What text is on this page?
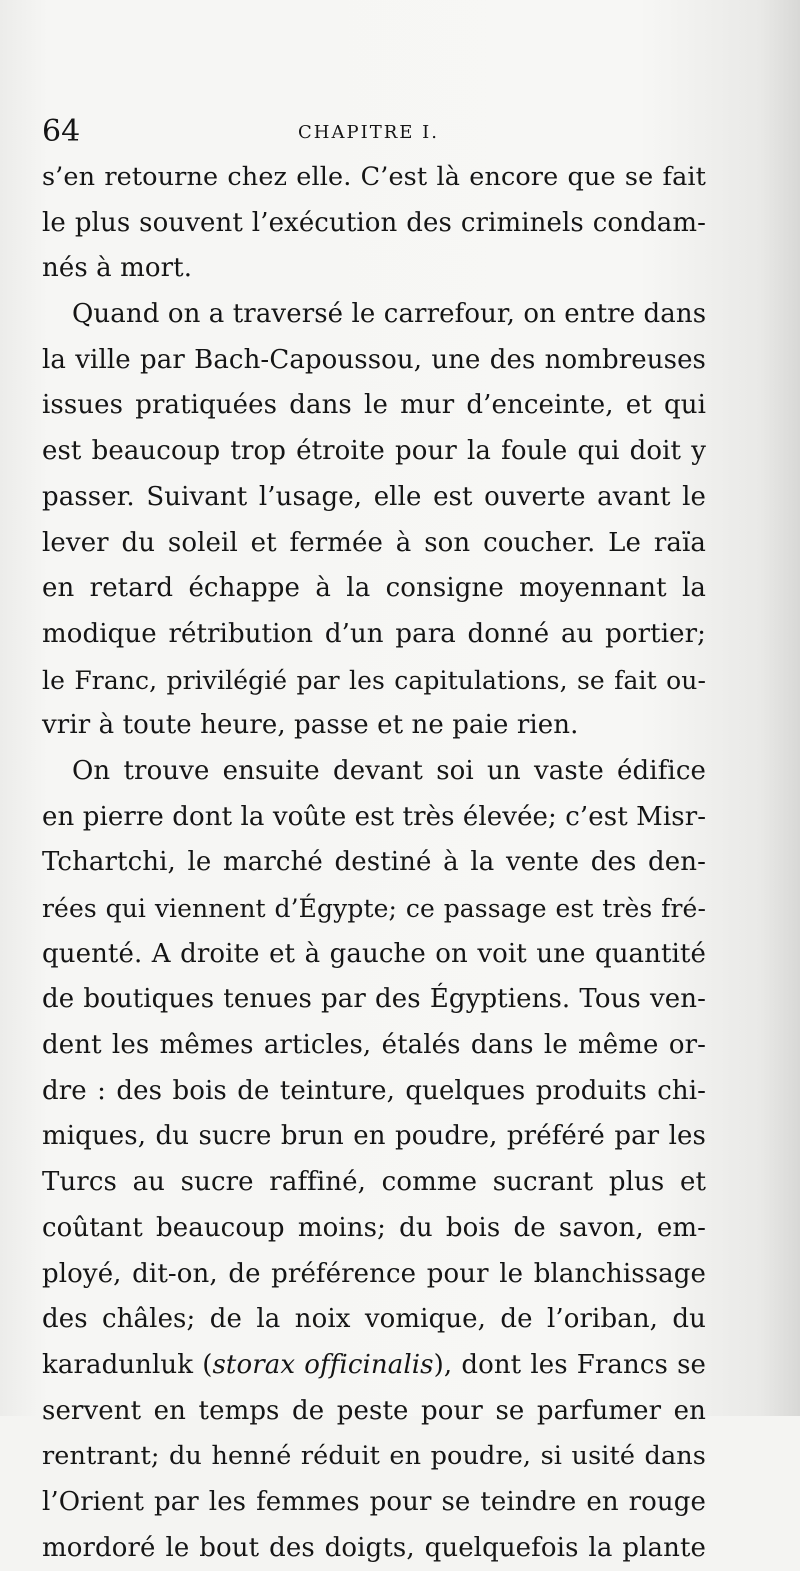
64	CHAPITRE I.
s’en retourne chez elle. C’est là encore que se fait
le plus souvent l’exécution des criminels condam-
nés à mort.
Quand on a traversé le carrefour, on entre dans
la ville par Bach-Capoussou, une des nombreuses
issues pratiquées dans le mur d’enceinte, et qui
est beaucoup trop étroite pour la foule qui doit y
passer. Suivant l’usage, elle est ouverte avant le
lever du soleil et fermée à son coucher. Le raïa
en retard échappe à la consigne moyennant la
modique rétribution d’un para donné au portier;
le Franc, privilégié par les capitulations, se fait ou-
vrir à toute heure, passe et ne paie rien.
On trouve ensuite devant soi un vaste édifice
en pierre dont la voûte est très élevée; c’est Misr-
Tchartchi, le marché destiné à la vente des den-
rées qui viennent d’Égypte; ce passage est très fré-
quenté. A droite et à gauche on voit une quantité
de boutiques tenues par des Égyptiens. Tous ven-
dent les mêmes articles, étalés dans le même or-
dre : des bois de teinture, quelques produits chi-
miques, du sucre brun en poudre, préféré par les
Turcs au sucre raffiné, comme sucrant plus et
coûtant beaucoup moins; du bois de savon, em-
ployé, dit-on, de préférence pour le blanchissage
des châles; de la noix vomique, de l’oriban, du
karadunluk (storax officinalis), dont les Francs se
servent en temps de peste pour se parfumer en
rentrant; du henné réduit en poudre, si usité dans
l’Orient par les femmes pour se teindre en rouge
mordoré le bout des doigts, quelquefois la plante
